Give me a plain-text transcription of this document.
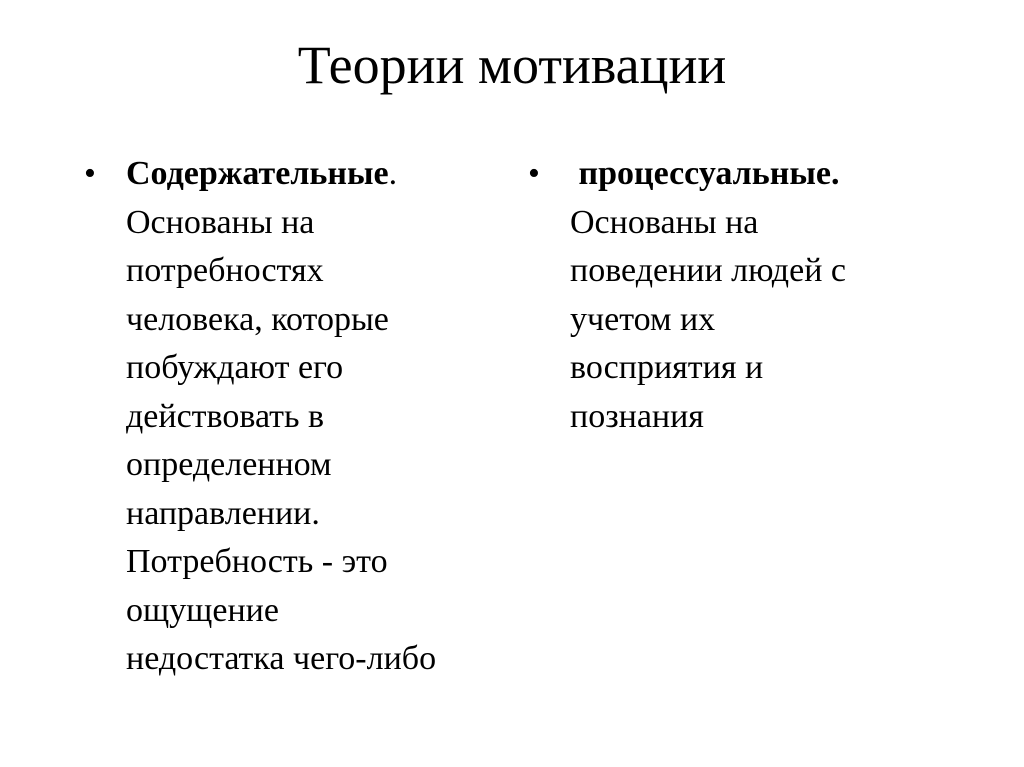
Теории мотивации
• Содержательные.
Основаны на
потребностях
человека, которые
побуждают его
действовать в
определенном
направлении.
Потребность - это
ощущение
недостатка чего-либо
• процессуальные.
Основаны на
поведении людей с
учетом их
восприятия и
познания
